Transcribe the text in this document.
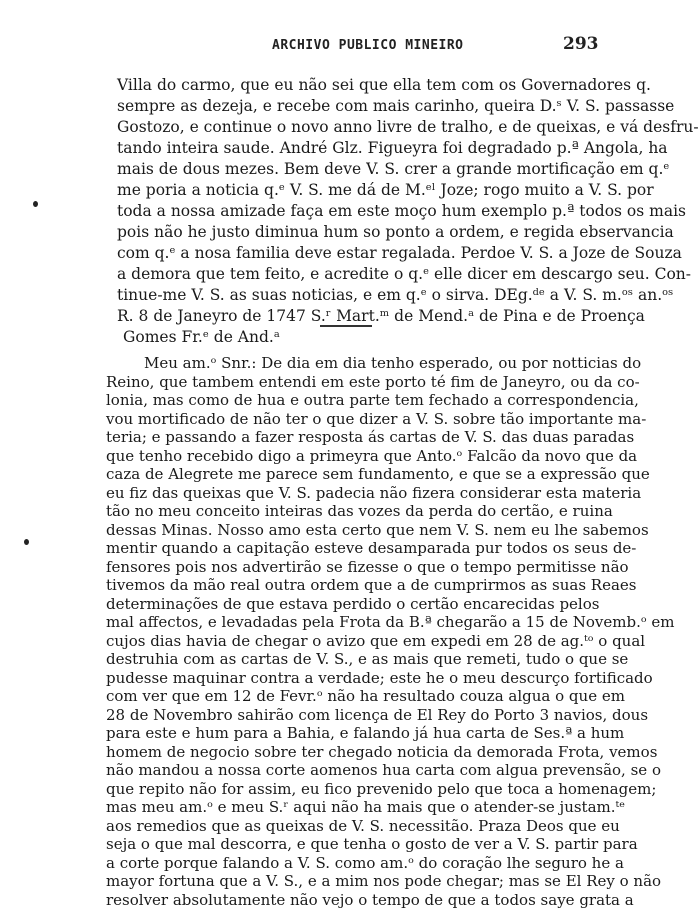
ARCHIVO PUBLICO MINEIRO	293
Villa do carmo, que eu não sei que ella tem com os Governadores q.
sempre as dezeja, e recebe com mais carinho, queira D.ˢ V. S. passasse
Gostozo, e continue o novo anno livre de tralho, e de queixas, e vá desfru-
tando inteira saude. André Glz. Figueyra foi degradado p.ª Angola, ha
mais de dous mezes. Bem deve V. S. crer a grande mortificação em q.ᵉ
me poria a noticia q.ᵉ V. S. me dá de M.ᵉˡ Joze; rogo muito a V. S. por
toda a nossa amizade faça em este moço hum exemplo p.ª todos os mais
pois não he justo diminua hum so ponto a ordem, e regida ebservancia
com q.ᵉ a nosa familia deve estar regalada. Perdoe V. S. a Joze de Souza
a demora que tem feito, e acredite o q.ᵉ elle dicer em descargo seu. Con-
tinue-me V. S. as suas noticias, e em q.ᵉ o sirva. DEg.ᵈᵉ a V. S. m.ᵒˢ an.ᵒˢ
R. 8 de Janeyro de 1747 S.ʳ Mart.ᵐ de Mend.ᵃ de Pina e de Proença
Gomes Fr.ᵉ de And.ᵃ
Meu am.ᵒ Snr.: De dia em dia tenho esperado, ou por notticias do
Reino, que tambem entendi em este porto té fim de Janeyro, ou da co-
lonia, mas como de hua e outra parte tem fechado a correspondencia,
vou mortificado de não ter o que dizer a V. S. sobre tão importante ma-
teria; e passando a fazer resposta ás cartas de V. S. das duas paradas
que tenho recebido digo a primeyra que Anto.ᵒ Falcão da novo que da
caza de Alegrete me parece sem fundamento, e que se a expressão que
eu fiz das queixas que V. S. padecia não fizera considerar esta materia
tão no meu conceito inteiras das vozes da perda do certão, e ruina
dessas Minas. Nosso amo esta certo que nem V. S. nem eu lhe sabemos
mentir quando a capitação esteve desamparada pur todos os seus de-
fensores pois nos advertirão se fizesse o que o tempo permitisse não
tivemos da mão real outra ordem que a de cumprirmos as suas Reaes
determinações de que estava perdido o certão encarecidas pelos
mal affectos, e levadadas pela Frota da B.ª chegarão a 15 de Novemb.ᵒ em
cujos dias havia de chegar o avizo que em expedi em 28 de ag.ᵗᵒ o qual
destruhia com as cartas de V. S., e as mais que remeti, tudo o que se
pudesse maquinar contra a verdade; este he o meu descurço fortificado
com ver que em 12 de Fevr.ᵒ não ha resultado couza algua o que em
28 de Novembro sahirão com licença de El Rey do Porto 3 navios, dous
para este e hum para a Bahia, e falando já hua carta de Ses.ª a hum
homem de negocio sobre ter chegado noticia da demorada Frota, vemos
não mandou a nossa corte aomenos hua carta com algua prevensão, se o
que repito não for assim, eu fico prevenido pelo que toca a homenagem;
mas meu am.ᵒ e meu S.ʳ aqui não ha mais que o atender-se justam.ᵗᵉ
aos remedios que as queixas de V. S. necessitão. Praza Deos que eu
seja o que mal descorra, e que tenha o gosto de ver a V. S. partir para
a corte porque falando a V. S. como am.ᵒ do coração lhe seguro he a
mayor fortuna que a V. S., e a mim nos pode chegar; mas se El Rey o não
resolver absolutamente não vejo o tempo de que a todos saye grata a
